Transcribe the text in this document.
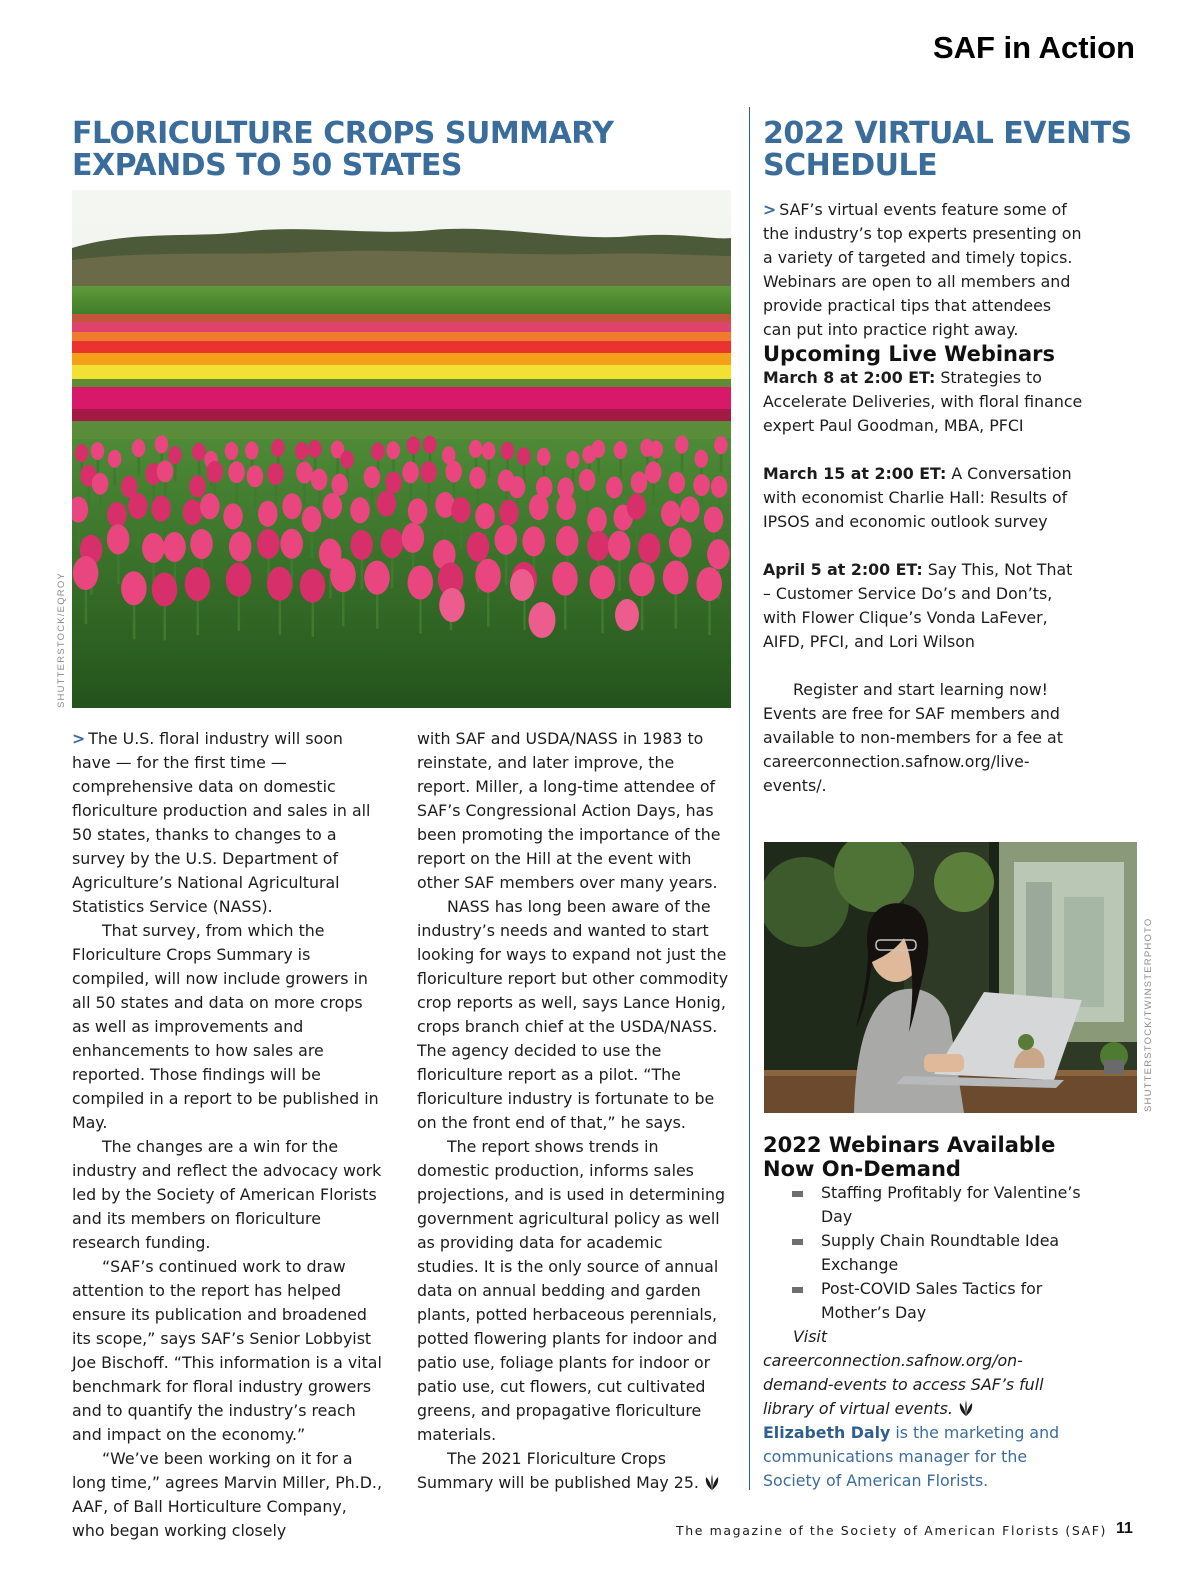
SAF in Action
FLORICULTURE CROPS SUMMARY EXPANDS TO 50 STATES
2022 VIRTUAL EVENTS SCHEDULE
SHUTTERSTOCK/EQROY

> The U.S. floral industry will soon have — for the first time — comprehensive data on domestic floriculture production and sales in all 50 states, thanks to changes to a survey by the U.S. Department of Agriculture’s National Agricultural Statistics Service (NASS).

That survey, from which the Floriculture Crops Summary is compiled, will now include growers in all 50 states and data on more crops as well as improvements and enhancements to how sales are reported. Those findings will be compiled in a report to be published in May.

The changes are a win for the industry and reflect the advocacy work led by the Society of American Florists and its members on floriculture research funding.

“SAF’s continued work to draw attention to the report has helped ensure its publication and broadened its scope,” says SAF’s Senior Lobbyist Joe Bischoff. “This information is a vital benchmark for floral industry growers and to quantify the industry’s reach and impact on the economy.”

“We’ve been working on it for a long time,” agrees Marvin Miller, Ph.D., AAF, of Ball Horticulture Company, who began working closely

with SAF and USDA/NASS in 1983 to reinstate, and later improve, the report. Miller, a long-time attendee of SAF’s Congressional Action Days, has been promoting the importance of the report on the Hill at the event with other SAF members over many years.

NASS has long been aware of the industry’s needs and wanted to start looking for ways to expand not just the floriculture report but other commodity crop reports as well, says Lance Honig, crops branch chief at the USDA/NASS. The agency decided to use the floriculture report as a pilot. “The floriculture industry is fortunate to be on the front end of that,” he says.

The report shows trends in domestic production, informs sales projections, and is used in determining government agricultural policy as well as providing data for academic studies. It is the only source of annual data on annual bedding and garden plants, potted herbaceous perennials, potted flowering plants for indoor and patio use, foliage plants for indoor or patio use, cut flowers, cut cultivated greens, and propagative floriculture materials.

The 2021 Floriculture Crops Summary will be published May 25.

> SAF’s virtual events feature some of the industry’s top experts presenting on a variety of targeted and timely topics. Webinars are open to all members and provide practical tips that attendees can put into practice right away.

Upcoming Live Webinars

March 8 at 2:00 ET: Strategies to Accelerate Deliveries, with floral finance expert Paul Goodman, MBA, PFCI

March 15 at 2:00 ET: A Conversation with economist Charlie Hall: Results of IPSOS and economic outlook survey

April 5 at 2:00 ET: Say This, Not That – Customer Service Do’s and Don’ts, with Flower Clique’s Vonda LaFever, AIFD, PFCI, and Lori Wilson

Register and start learning now! Events are free for SAF members and available to non-members for a fee at careerconnection.safnow.org/live-events/.

SHUTTERSTOCK/TWINSTERPHOTO

2022 Webinars Available

Now On-Demand

Staffing Profitably for Valentine’s Day
Supply Chain Roundtable Idea Exchange
Post-COVID Sales Tactics for Mother’s Day

Visit careerconnection.safnow.org/on-demand-events to access SAF’s full library of virtual events.

Elizabeth Daly is the marketing and communications manager for the Society of American Florists.

The magazine of the Society of American Florists (SAF) 11
